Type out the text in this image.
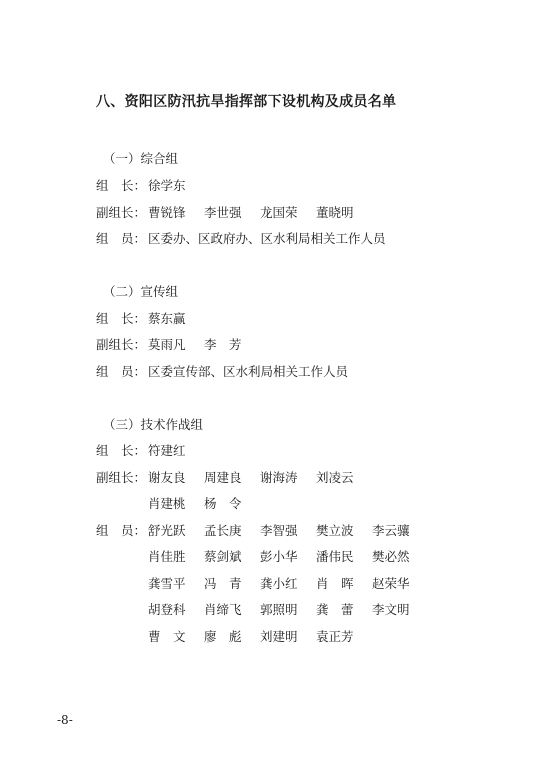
八、资阳区防汛抗旱指挥部下设机构及成员名单
（一）综合组
组　长： 徐学东
副组长： 曹锐锋 李世强 龙国荣 董晓明
组　员： 区委办、区政府办、区水利局相关工作人员
（二）宣传组
组　长： 蔡东赢
副组长： 莫雨凡 李　芳
组　员： 区委宣传部、区水利局相关工作人员
（三）技术作战组
组　长： 符建红
副组长： 谢友良 周建良 谢海涛 刘凌云
肖建桃 杨　令
组　员： 舒光跃 孟长庚 李智强 樊立波 李云骧
肖佳胜 蔡剑斌 彭小华 潘伟民 樊必然
龚雪平 冯　青 龚小红 肖　晖 赵荣华
胡登科 肖缔飞 郭照明 龚　蕾 李文明
曹　文 廖　彪 刘建明 袁正芳
-8-
